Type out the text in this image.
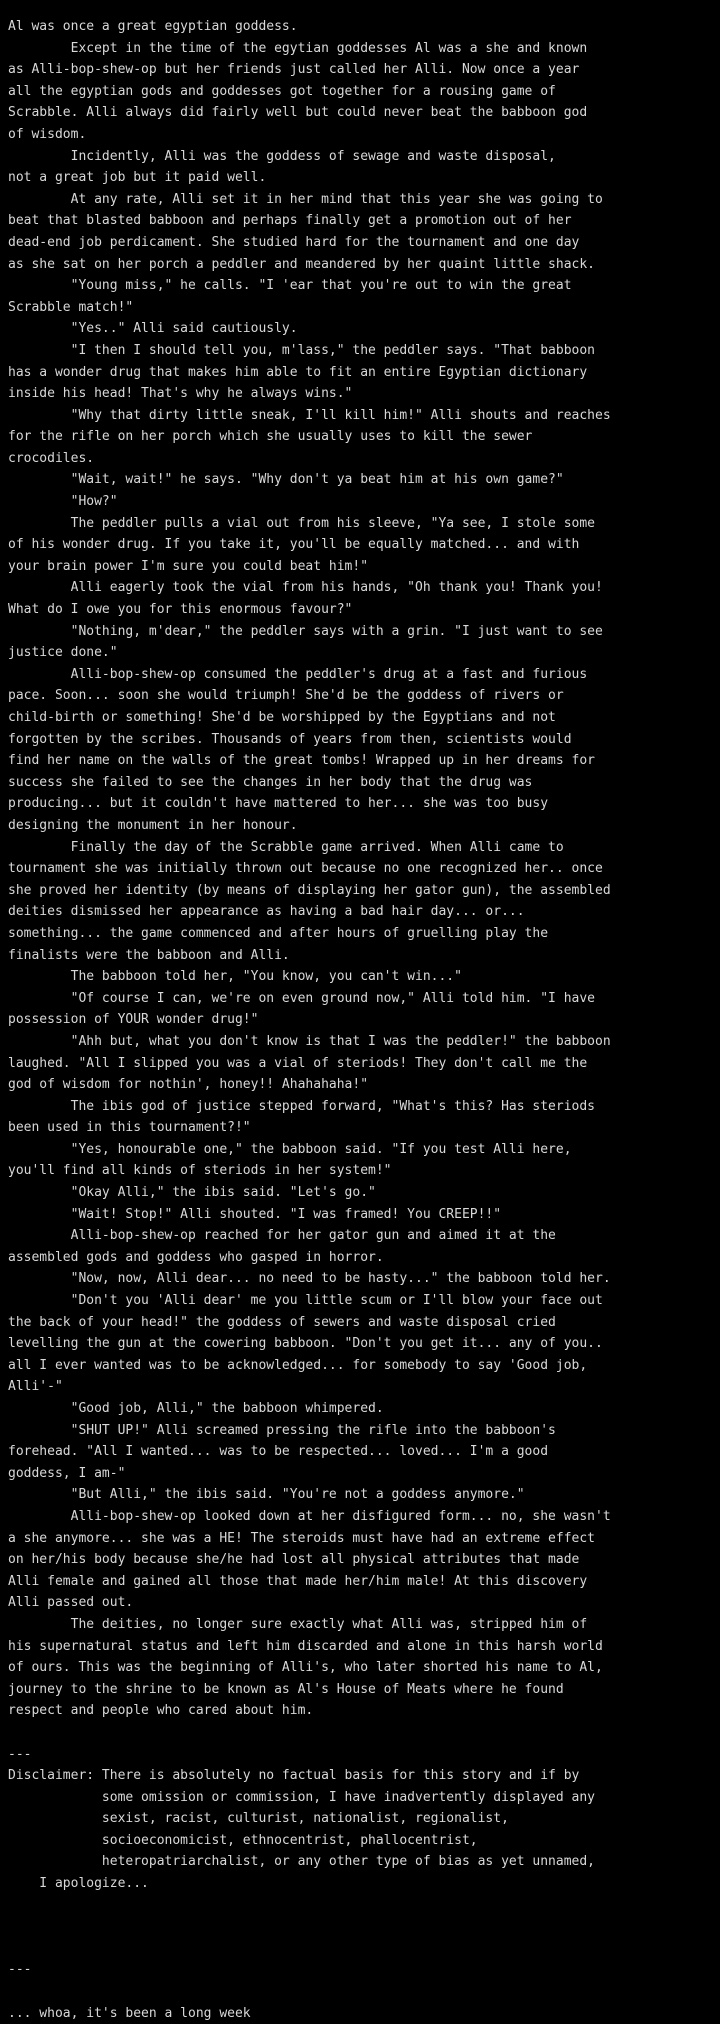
Al was once a great egyptian goddess.
Except in the time of the egytian goddesses Al was a she and known
as Alli-bop-shew-op but her friends just called her Alli. Now once a year
all the egyptian gods and goddesses got together for a rousing game of
Scrabble. Alli always did fairly well but could never beat the babboon god
of wisdom.
Incidently, Alli was the goddess of sewage and waste disposal,
not a great job but it paid well.
At any rate, Alli set it in her mind that this year she was going to
beat that blasted babboon and perhaps finally get a promotion out of her
dead-end job perdicament. She studied hard for the tournament and one day
as she sat on her porch a peddler and meandered by her quaint little shack.
"Young miss," he calls. "I 'ear that you're out to win the great
Scrabble match!"
"Yes.." Alli said cautiously.
"I then I should tell you, m'lass," the peddler says. "That babboon
has a wonder drug that makes him able to fit an entire Egyptian dictionary
inside his head! That's why he always wins."
"Why that dirty little sneak, I'll kill him!" Alli shouts and reaches
for the rifle on her porch which she usually uses to kill the sewer
crocodiles.
"Wait, wait!" he says. "Why don't ya beat him at his own game?"
"How?"
The peddler pulls a vial out from his sleeve, "Ya see, I stole some
of his wonder drug. If you take it, you'll be equally matched... and with
your brain power I'm sure you could beat him!"
Alli eagerly took the vial from his hands, "Oh thank you! Thank you!
What do I owe you for this enormous favour?"
"Nothing, m'dear," the peddler says with a grin. "I just want to see
justice done."
Alli-bop-shew-op consumed the peddler's drug at a fast and furious
pace. Soon... soon she would triumph! She'd be the goddess of rivers or
child-birth or something! She'd be worshipped by the Egyptians and not
forgotten by the scribes. Thousands of years from then, scientists would
find her name on the walls of the great tombs! Wrapped up in her dreams for
success she failed to see the changes in her body that the drug was
producing... but it couldn't have mattered to her... she was too busy
designing the monument in her honour.
Finally the day of the Scrabble game arrived. When Alli came to
tournament she was initially thrown out because no one recognized her.. once
she proved her identity (by means of displaying her gator gun), the assembled
deities dismissed her appearance as having a bad hair day... or...
something... the game commenced and after hours of gruelling play the
finalists were the babboon and Alli.
The babboon told her, "You know, you can't win..."
"Of course I can, we're on even ground now," Alli told him. "I have
possession of YOUR wonder drug!"
"Ahh but, what you don't know is that I was the peddler!" the babboon
laughed. "All I slipped you was a vial of steriods! They don't call me the
god of wisdom for nothin', honey!! Ahahahaha!"
The ibis god of justice stepped forward, "What's this? Has steriods
been used in this tournament?!"
"Yes, honourable one," the babboon said. "If you test Alli here,
you'll find all kinds of steriods in her system!"
"Okay Alli," the ibis said. "Let's go."
"Wait! Stop!" Alli shouted. "I was framed! You CREEP!!"
Alli-bop-shew-op reached for her gator gun and aimed it at the
assembled gods and goddess who gasped in horror.
"Now, now, Alli dear... no need to be hasty..." the babboon told her.
"Don't you 'Alli dear' me you little scum or I'll blow your face out
the back of your head!" the goddess of sewers and waste disposal cried
levelling the gun at the cowering babboon. "Don't you get it... any of you..
all I ever wanted was to be acknowledged... for somebody to say 'Good job,
Alli'-"
"Good job, Alli," the babboon whimpered.
"SHUT UP!" Alli screamed pressing the rifle into the babboon's
forehead. "All I wanted... was to be respected... loved... I'm a good
goddess, I am-"
"But Alli," the ibis said. "You're not a goddess anymore."
Alli-bop-shew-op looked down at her disfigured form... no, she wasn't
a she anymore... she was a HE! The steroids must have had an extreme effect
on her/his body because she/he had lost all physical attributes that made
Alli female and gained all those that made her/him male! At this discovery
Alli passed out.
The deities, no longer sure exactly what Alli was, stripped him of
his supernatural status and left him discarded and alone in this harsh world
of ours. This was the beginning of Alli's, who later shorted his name to Al,
journey to the shrine to be known as Al's House of Meats where he found
respect and people who cared about him.

---
Disclaimer: There is absolutely no factual basis for this story and if by
some omission or commission, I have inadvertently displayed any
sexist, racist, culturist, nationalist, regionalist,
socioeconomicist, ethnocentrist, phallocentrist,
heteropatriarchalist, or any other type of bias as yet unnamed,
I apologize...

---

... whoa, it's been a long week
